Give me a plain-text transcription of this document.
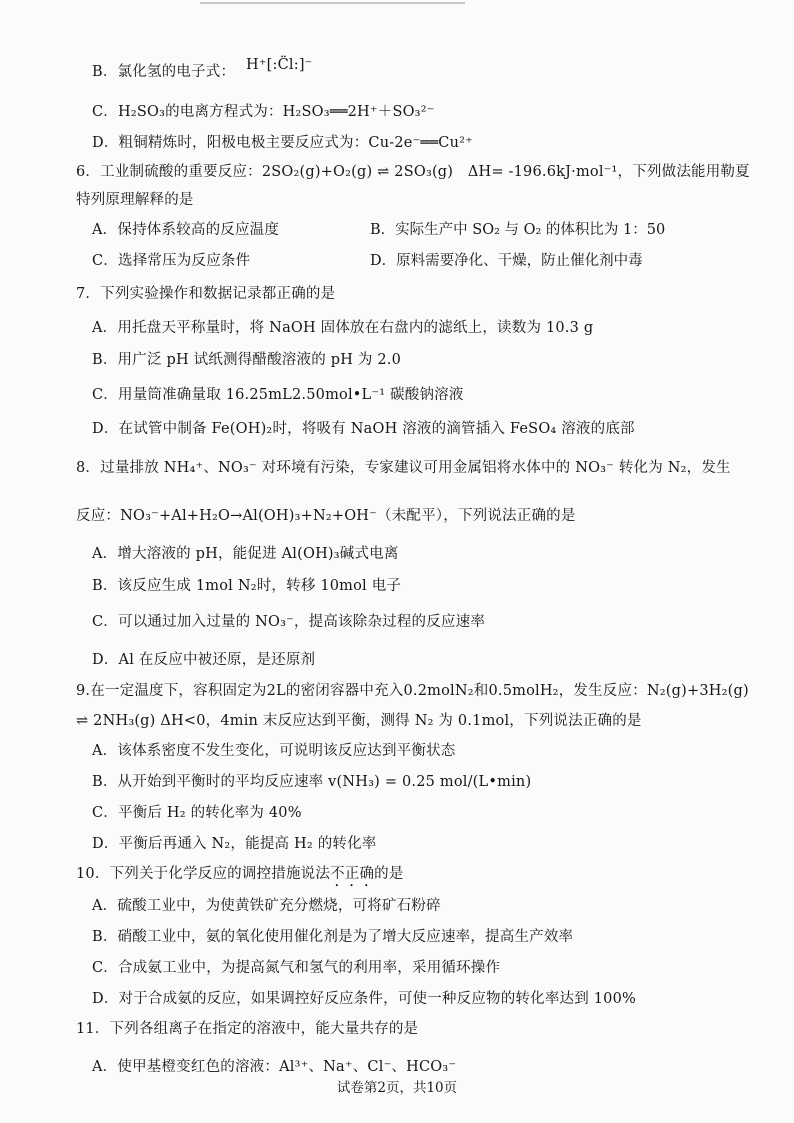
B．氯化氢的电子式： H⁺[:C̈l:]⁻
C．H₂SO₃的电离方程式为：H₂SO₃══2H⁺＋SO₃²⁻
D．粗铜精炼时，阳极电极主要反应式为：Cu-2e⁻══Cu²⁺
6．工业制硫酸的重要反应：2SO₂(g)+O₂(g) ⇌ 2SO₃(g)　ΔH= -196.6kJ·mol⁻¹，下列做法能用勒夏
特列原理解释的是
A．保持体系较高的反应温度	B．实际生产中 SO₂ 与 O₂ 的体积比为 1：50
C．选择常压为反应条件	D．原料需要净化、干燥，防止催化剂中毒
7．下列实验操作和数据记录都正确的是
A．用托盘天平称量时，将 NaOH 固体放在右盘内的滤纸上，读数为 10.3 g
B．用广泛 pH 试纸测得醋酸溶液的 pH 为 2.0
C．用量筒准确量取 16.25mL2.50mol•L⁻¹ 碳酸钠溶液
D．在试管中制备 Fe(OH)₂时，将吸有 NaOH 溶液的滴管插入 FeSO₄ 溶液的底部
8．过量排放 NH₄⁺、NO₃⁻ 对环境有污染，专家建议可用金属铝将水体中的 NO₃⁻ 转化为 N₂，发生
反应：NO₃⁻+Al+H₂O→Al(OH)₃+N₂+OH⁻（未配平），下列说法正确的是
A．增大溶液的 pH，能促进 Al(OH)₃碱式电离
B．该反应生成 1mol N₂时，转移 10mol 电子
C．可以通过加入过量的 NO₃⁻，提高该除杂过程的反应速率
D．Al 在反应中被还原，是还原剂
9.在一定温度下，容积固定为2L的密闭容器中充入0.2molN₂和0.5molH₂，发生反应：N₂(g)+3H₂(g)
⇌ 2NH₃(g) ΔH<0，4min 末反应达到平衡，测得 N₂ 为 0.1mol，下列说法正确的是
A．该体系密度不发生变化，可说明该反应达到平衡状态
B．从开始到平衡时的平均反应速率 v(NH₃) = 0.25 mol/(L•min)
C．平衡后 H₂ 的转化率为 40%
D．平衡后再通入 N₂，能提高 H₂ 的转化率
10．下列关于化学反应的调控措施说法不正确的是
A．硫酸工业中，为使黄铁矿充分燃烧，可将矿石粉碎
B．硝酸工业中，氨的氧化使用催化剂是为了增大反应速率，提高生产效率
C．合成氨工业中，为提高氮气和氢气的利用率，采用循环操作
D．对于合成氨的反应，如果调控好反应条件，可使一种反应物的转化率达到 100%
11．下列各组离子在指定的溶液中，能大量共存的是
A．使甲基橙变红色的溶液：Al³⁺、Na⁺、Cl⁻、HCO₃⁻
试卷第2页，共10页
